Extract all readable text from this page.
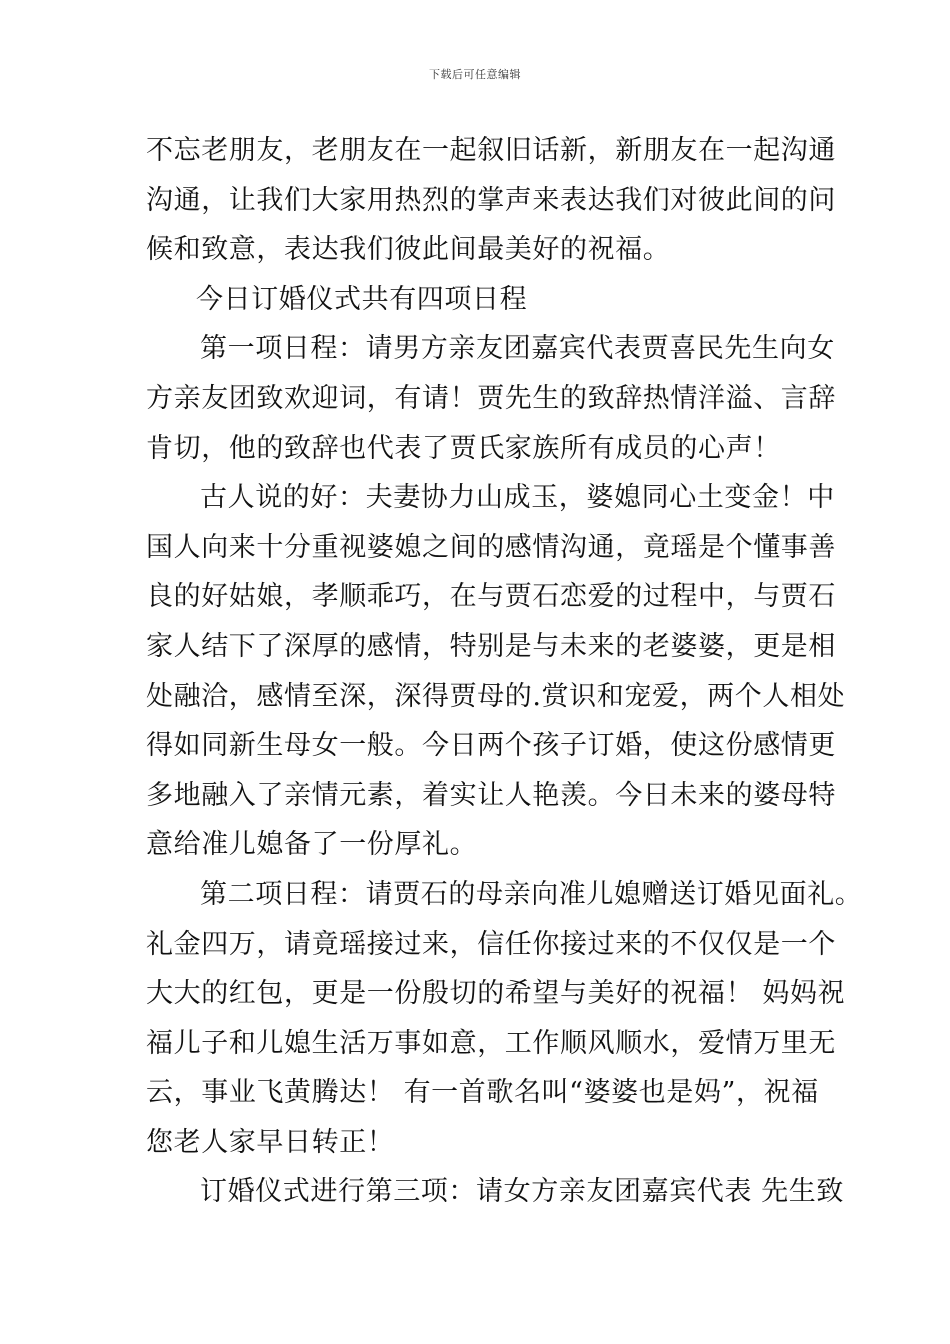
下载后可任意编辑
不忘老朋友，老朋友在一起叙旧话新，新朋友在一起沟通
沟通，让我们大家用热烈的掌声来表达我们对彼此间的问
候和致意，表达我们彼此间最美好的祝福。
今日订婚仪式共有四项日程
第一项日程：请男方亲友团嘉宾代表贾喜民先生向女
方亲友团致欢迎词，有请！贾先生的致辞热情洋溢、言辞
肯切，他的致辞也代表了贾氏家族所有成员的心声！
古人说的好：夫妻协力山成玉，婆媳同心土变金！中
国人向来十分重视婆媳之间的感情沟通，竟瑶是个懂事善
良的好姑娘，孝顺乖巧，在与贾石恋爱的过程中，与贾石
家人结下了深厚的感情，特别是与未来的老婆婆，更是相
处融洽，感情至深，深得贾母的.赏识和宠爱，两个人相处
得如同新生母女一般。今日两个孩子订婚，使这份感情更
多地融入了亲情元素，着实让人艳羡。今日未来的婆母特
意给准儿媳备了一份厚礼。
第二项日程：请贾石的母亲向准儿媳赠送订婚见面礼。
礼金四万，请竟瑶接过来，信任你接过来的不仅仅是一个
大大的红包，更是一份殷切的希望与美好的祝福！ 妈妈祝
福儿子和儿媳生活万事如意，工作顺风顺水，爱情万里无
云，事业飞黄腾达！ 有一首歌名叫“婆婆也是妈”，祝福
您老人家早日转正！
订婚仪式进行第三项：请女方亲友团嘉宾代表 先生致
